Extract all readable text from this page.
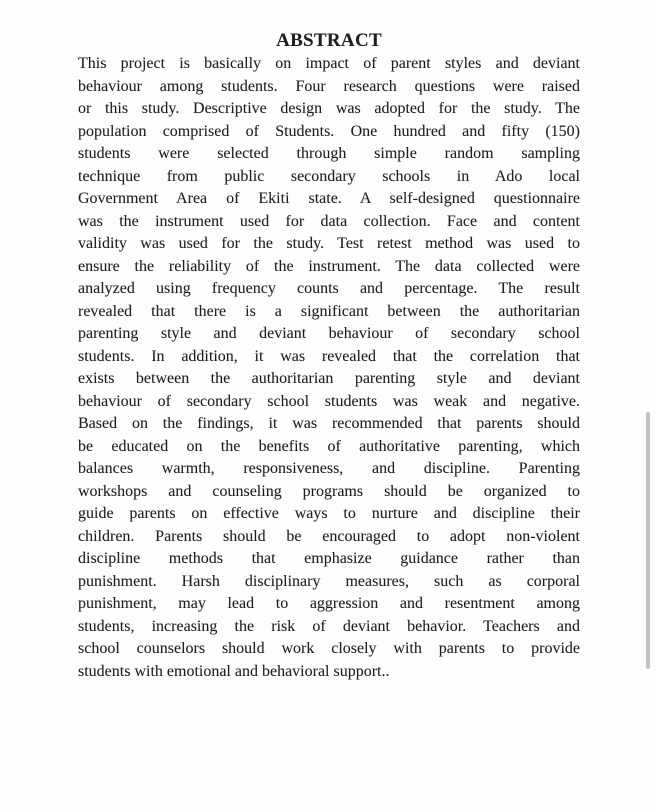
ABSTRACT
This project is basically on impact of parent styles and deviant
behaviour among students. Four research questions were raised
or this study. Descriptive design was adopted for the study. The
population comprised of Students. One hundred and fifty (150)
students were selected through simple random sampling
technique from public secondary schools in Ado local
Government Area of Ekiti state. A self-designed questionnaire
was the instrument used for data collection. Face and content
validity was used for the study. Test retest method was used to
ensure the reliability of the instrument. The data collected were
analyzed using frequency counts and percentage. The result
revealed that there is a significant between the authoritarian
parenting style and deviant behaviour of secondary school
students. In addition, it was revealed that the correlation that
exists between the authoritarian parenting style and deviant
behaviour of secondary school students was weak and negative.
Based on the findings, it was recommended that parents should
be educated on the benefits of authoritative parenting, which
balances warmth, responsiveness, and discipline. Parenting
workshops and counseling programs should be organized to
guide parents on effective ways to nurture and discipline their
children. Parents should be encouraged to adopt non-violent
discipline methods that emphasize guidance rather than
punishment. Harsh disciplinary measures, such as corporal
punishment, may lead to aggression and resentment among
students, increasing the risk of deviant behavior. Teachers and
school counselors should work closely with parents to provide
students with emotional and behavioral support..
